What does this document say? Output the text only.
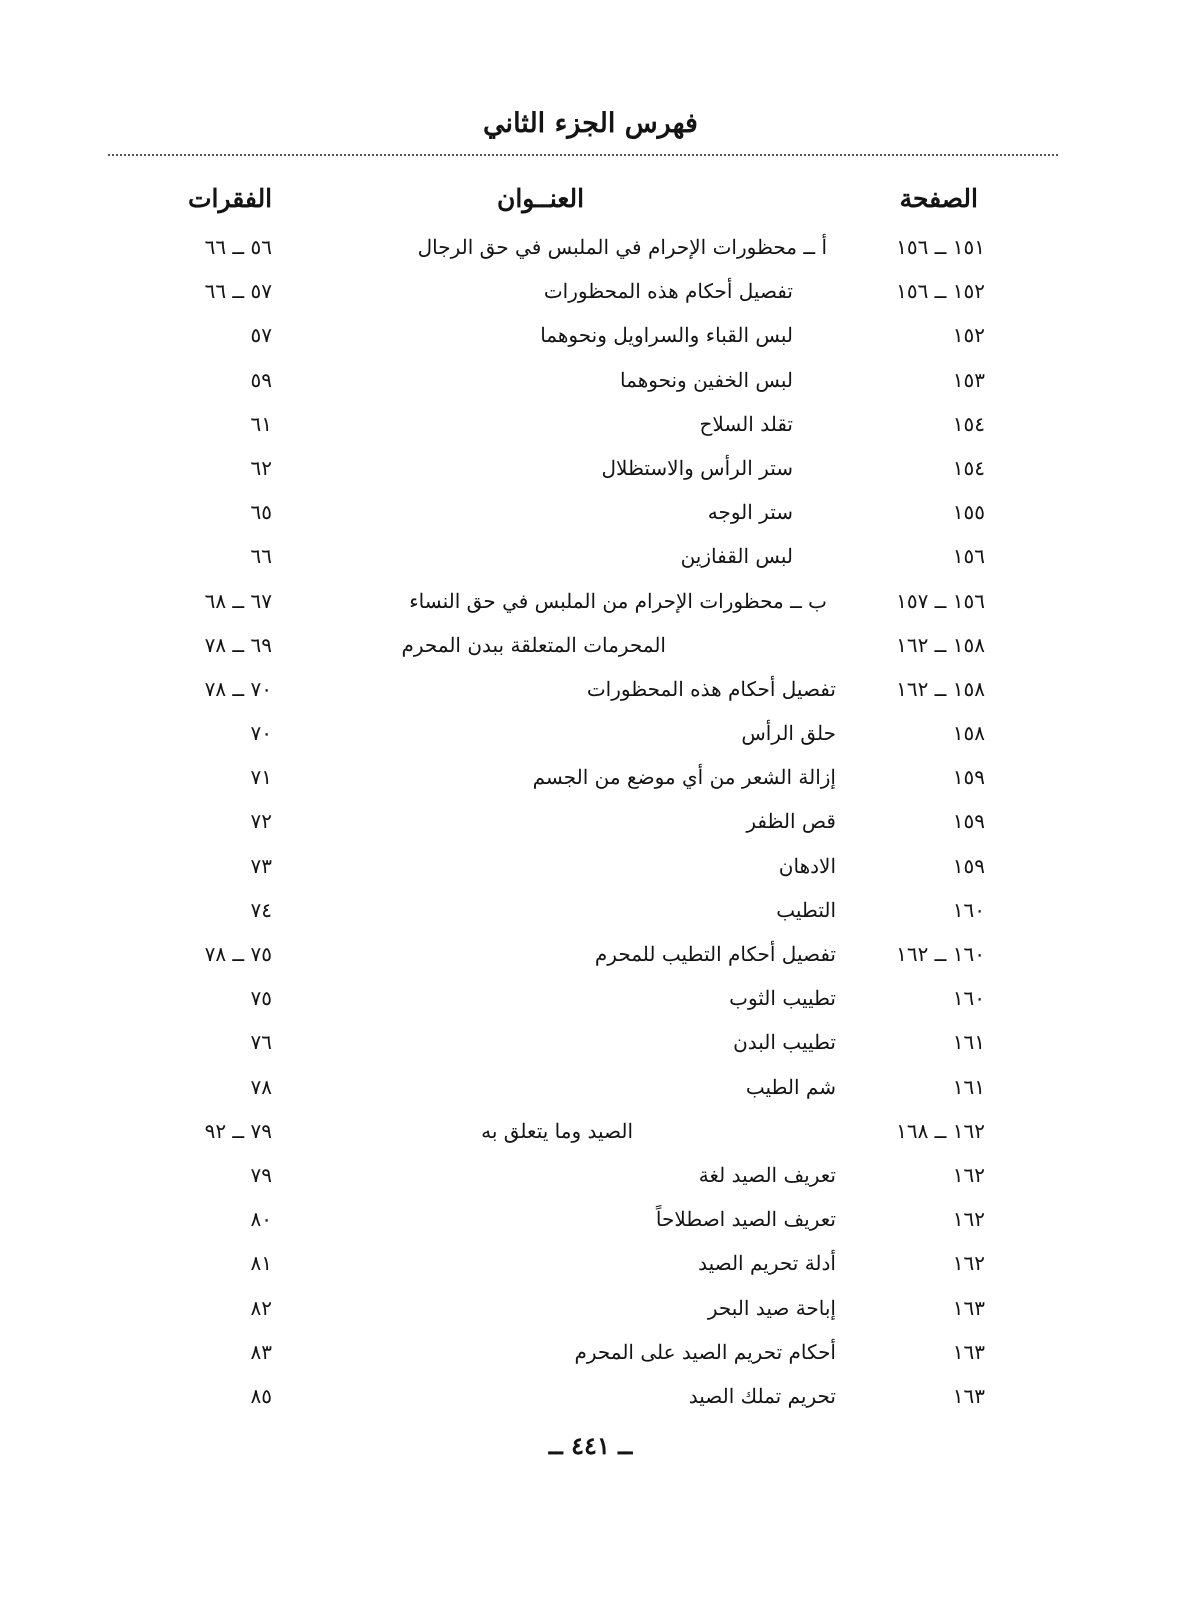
فهرس الجزء الثاني
الصفحة
العنــوان
الفقرات
١٥١ ــ ١٥٦
أ ــ محظورات الإحرام في الملبس في حق الرجال
٥٦ ــ ٦٦
١٥٢ ــ ١٥٦
تفصيل أحكام هذه المحظورات
٥٧ ــ ٦٦
١٥٢
لبس القباء والسراويل ونحوهما
٥٧
١٥٣
لبس الخفين ونحوهما
٥٩
١٥٤
تقلد السلاح
٦١
١٥٤
ستر الرأس والاستظلال
٦٢
١٥٥
ستر الوجه
٦٥
١٥٦
لبس القفازين
٦٦
١٥٦ ــ ١٥٧
ب ــ محظورات الإحرام من الملبس في حق النساء
٦٧ ــ ٦٨
١٥٨ ــ ١٦٢
المحرمات المتعلقة ببدن المحرم
٦٩ ــ ٧٨
١٥٨ ــ ١٦٢
تفصيل أحكام هذه المحظورات
٧٠ ــ ٧٨
١٥٨
حلق الرأس
٧٠
١٥٩
إزالة الشعر من أي موضع من الجسم
٧١
١٥٩
قص الظفر
٧٢
١٥٩
الادهان
٧٣
١٦٠
التطيب
٧٤
١٦٠ ــ ١٦٢
تفصيل أحكام التطيب للمحرم
٧٥ ــ ٧٨
١٦٠
تطييب الثوب
٧٥
١٦١
تطييب البدن
٧٦
١٦١
شم الطيب
٧٨
١٦٢ ــ ١٦٨
الصيد وما يتعلق به
٧٩ ــ ٩٢
١٦٢
تعريف الصيد لغة
٧٩
١٦٢
تعريف الصيد اصطلاحاً
٨٠
١٦٢
أدلة تحريم الصيد
٨١
١٦٣
إباحة صيد البحر
٨٢
١٦٣
أحكام تحريم الصيد على المحرم
٨٣
١٦٣
تحريم تملك الصيد
٨٥
ــ ٤٤١ ــ
